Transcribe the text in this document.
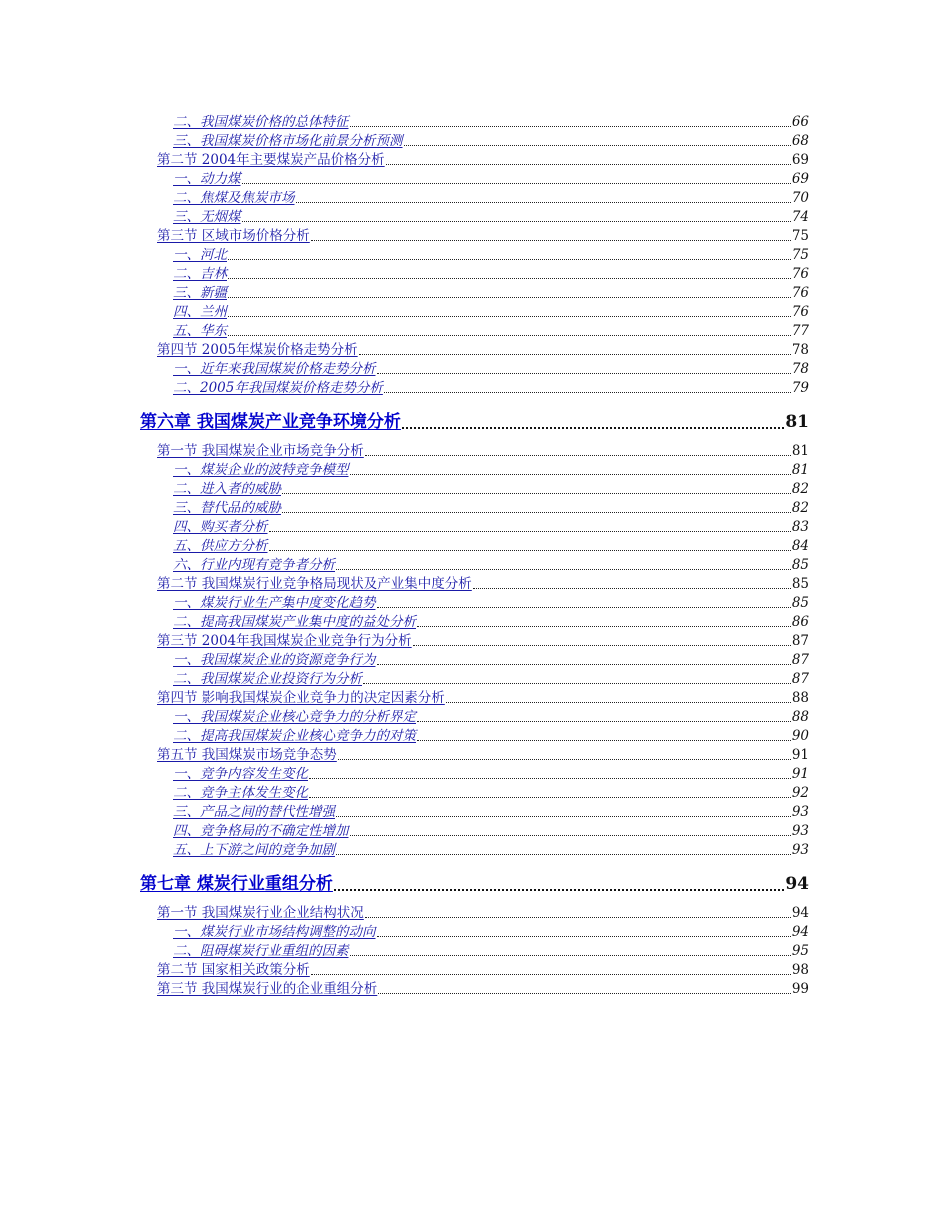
二、我国煤炭价格的总体特征	66
三、我国煤炭价格市场化前景分析预测	68
第二节 2004年主要煤炭产品价格分析	69
一、动力煤	69
二、焦煤及焦炭市场	70
三、无烟煤	74
第三节 区域市场价格分析	75
一、河北	75
二、吉林	76
三、新疆	76
四、兰州	76
五、华东	77
第四节 2005年煤炭价格走势分析	78
一、近年来我国煤炭价格走势分析	78
二、2005年我国煤炭价格走势分析	79
第六章 我国煤炭产业竞争环境分析	81
第一节 我国煤炭企业市场竞争分析	81
一、煤炭企业的波特竞争模型	81
二、进入者的威胁	82
三、替代品的威胁	82
四、购买者分析	83
五、供应方分析	84
六、行业内现有竞争者分析	85
第二节 我国煤炭行业竞争格局现状及产业集中度分析	85
一、煤炭行业生产集中度变化趋势	85
二、提高我国煤炭产业集中度的益处分析	86
第三节 2004年我国煤炭企业竞争行为分析	87
一、我国煤炭企业的资源竞争行为	87
二、我国煤炭企业投资行为分析	87
第四节 影响我国煤炭企业竞争力的决定因素分析	88
一、我国煤炭企业核心竞争力的分析界定	88
二、提高我国煤炭企业核心竞争力的对策	90
第五节 我国煤炭市场竞争态势	91
一、竞争内容发生变化	91
二、竞争主体发生变化	92
三、产品之间的替代性增强	93
四、竞争格局的不确定性增加	93
五、上下游之间的竞争加剧	93
第七章 煤炭行业重组分析	94
第一节 我国煤炭行业企业结构状况	94
一、煤炭行业市场结构调整的动向	94
二、阻碍煤炭行业重组的因素	95
第二节 国家相关政策分析	98
第三节 我国煤炭行业的企业重组分析	99
